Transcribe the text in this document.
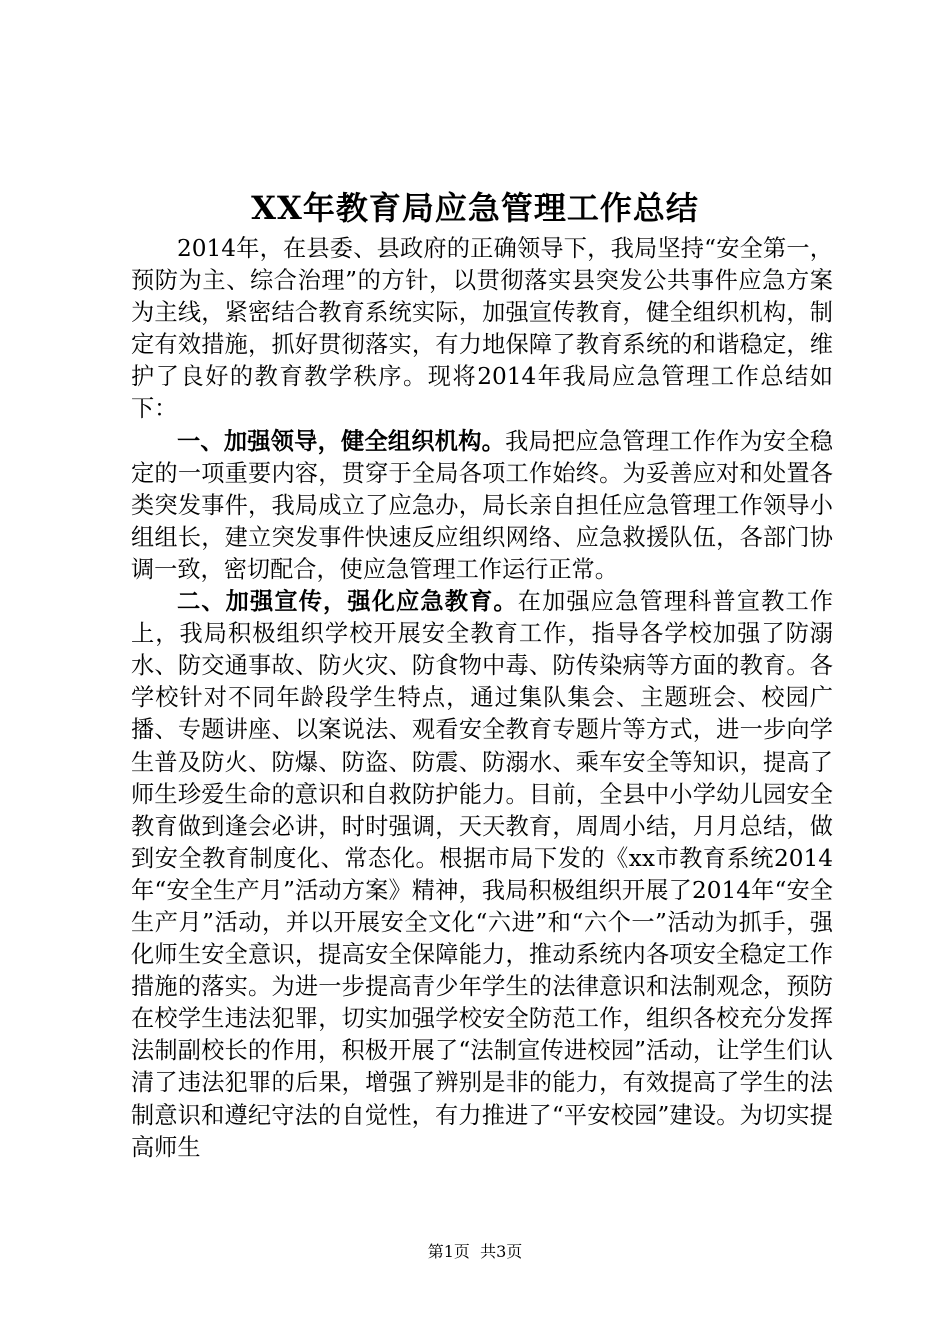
XX年教育局应急管理工作总结

2014年，在县委、县政府的正确领导下，我局坚持“安全第一，预防为主、综合治理”的方针，以贯彻落实县突发公共事件应急方案为主线，紧密结合教育系统实际，加强宣传教育，健全组织机构，制定有效措施，抓好贯彻落实，有力地保障了教育系统的和谐稳定，维护了良好的教育教学秩序。现将2014年我局应急管理工作总结如下：

一、加强领导，健全组织机构。我局把应急管理工作作为安全稳定的一项重要内容，贯穿于全局各项工作始终。为妥善应对和处置各类突发事件，我局成立了应急办，局长亲自担任应急管理工作领导小组组长，建立突发事件快速反应组织网络、应急救援队伍，各部门协调一致，密切配合，使应急管理工作运行正常。

二、加强宣传，强化应急教育。在加强应急管理科普宣教工作上，我局积极组织学校开展安全教育工作，指导各学校加强了防溺水、防交通事故、防火灾、防食物中毒、防传染病等方面的教育。各学校针对不同年龄段学生特点，通过集队集会、主题班会、校园广播、专题讲座、以案说法、观看安全教育专题片等方式，进一步向学生普及防火、防爆、防盗、防震、防溺水、乘车安全等知识，提高了师生珍爱生命的意识和自救防护能力。目前，全县中小学幼儿园安全教育做到逢会必讲，时时强调，天天教育，周周小结，月月总结，做到安全教育制度化、常态化。根据市局下发的《xx市教育系统2014年“安全生产月”活动方案》精神，我局积极组织开展了2014年“安全生产月”活动，并以开展安全文化“六进”和“六个一”活动为抓手，强化师生安全意识，提高安全保障能力，推动系统内各项安全稳定工作措施的落实。为进一步提高青少年学生的法律意识和法制观念，预防在校学生违法犯罪，切实加强学校安全防范工作，组织各校充分发挥法制副校长的作用，积极开展了“法制宣传进校园”活动，让学生们认清了违法犯罪的后果，增强了辨别是非的能力，有效提高了学生的法制意识和遵纪守法的自觉性，有力推进了“平安校园”建设。为切实提高师生

第1页 共3页
